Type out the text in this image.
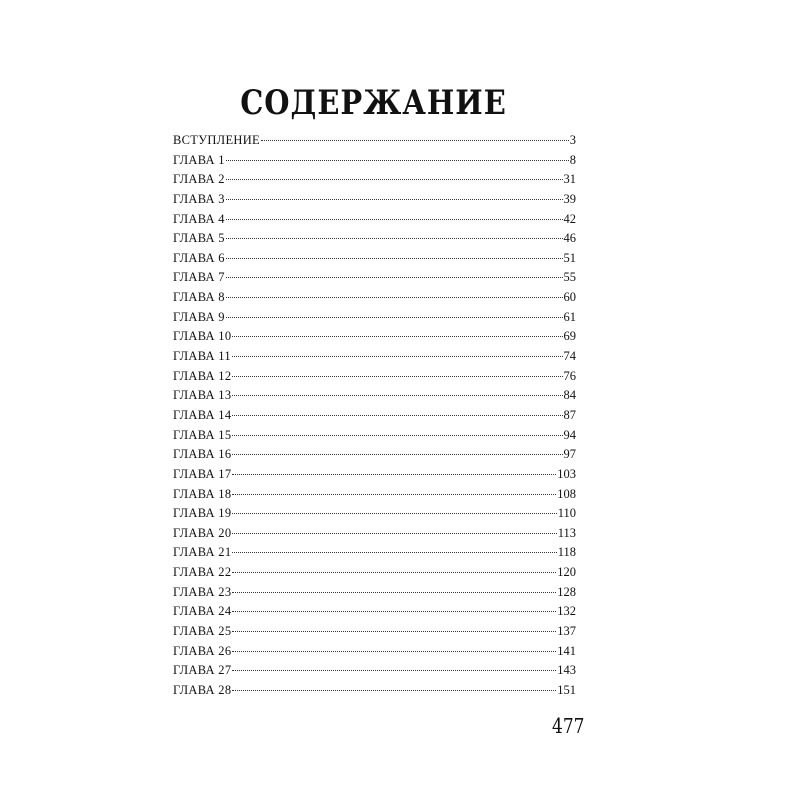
СОДЕРЖАНИЕ
ВСТУПЛЕНИЕ	3
ГЛАВА 1	8
ГЛАВА 2	31
ГЛАВА 3	39
ГЛАВА 4	42
ГЛАВА 5	46
ГЛАВА 6	51
ГЛАВА 7	55
ГЛАВА 8	60
ГЛАВА 9	61
ГЛАВА 10	69
ГЛАВА 11	74
ГЛАВА 12	76
ГЛАВА 13	84
ГЛАВА 14	87
ГЛАВА 15	94
ГЛАВА 16	97
ГЛАВА 17	103
ГЛАВА 18	108
ГЛАВА 19	110
ГЛАВА 20	113
ГЛАВА 21	118
ГЛАВА 22	120
ГЛАВА 23	128
ГЛАВА 24	132
ГЛАВА 25	137
ГЛАВА 26	141
ГЛАВА 27	143
ГЛАВА 28	151
477
